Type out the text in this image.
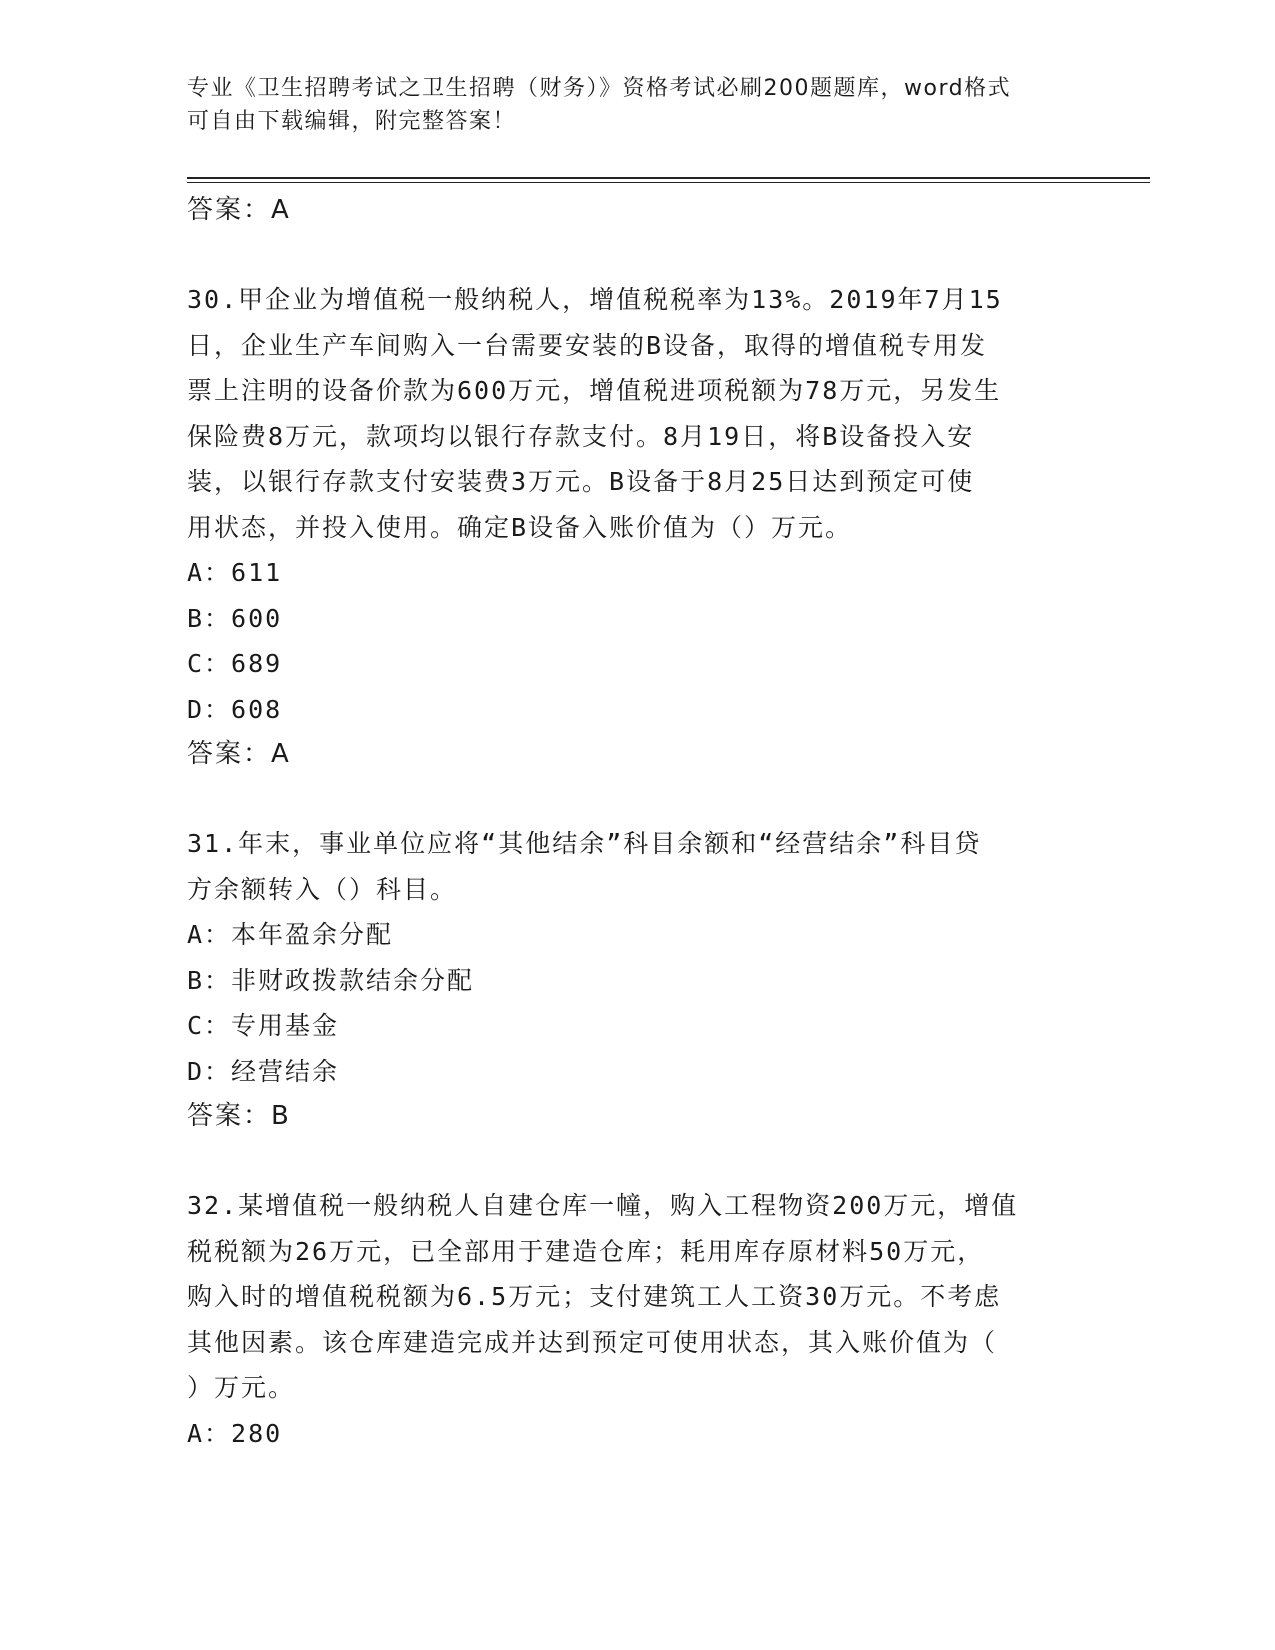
专业《卫生招聘考试之卫生招聘（财务）》资格考试必刷200题题库，word格式
可自由下载编辑，附完整答案！
答案：A
30.甲企业为增值税一般纳税人，增值税税率为13%。2019年7月15
日，企业生产车间购入一台需要安装的B设备，取得的增值税专用发
票上注明的设备价款为600万元，增值税进项税额为78万元，另发生
保险费8万元，款项均以银行存款支付。8月19日，将B设备投入安
装，以银行存款支付安装费3万元。B设备于8月25日达到预定可使
用状态，并投入使用。确定B设备入账价值为（）万元。
A：611
B：600
C：689
D：608
答案：A
31.年末，事业单位应将“其他结余”科目余额和“经营结余”科目贷
方余额转入（）科目。
A：本年盈余分配
B：非财政拨款结余分配
C：专用基金
D：经营结余
答案：B
32.某增值税一般纳税人自建仓库一幢，购入工程物资200万元，增值
税税额为26万元，已全部用于建造仓库；耗用库存原材料50万元，
购入时的增值税税额为6.5万元；支付建筑工人工资30万元。不考虑
其他因素。该仓库建造完成并达到预定可使用状态，其入账价值为（
）万元。
A：280
